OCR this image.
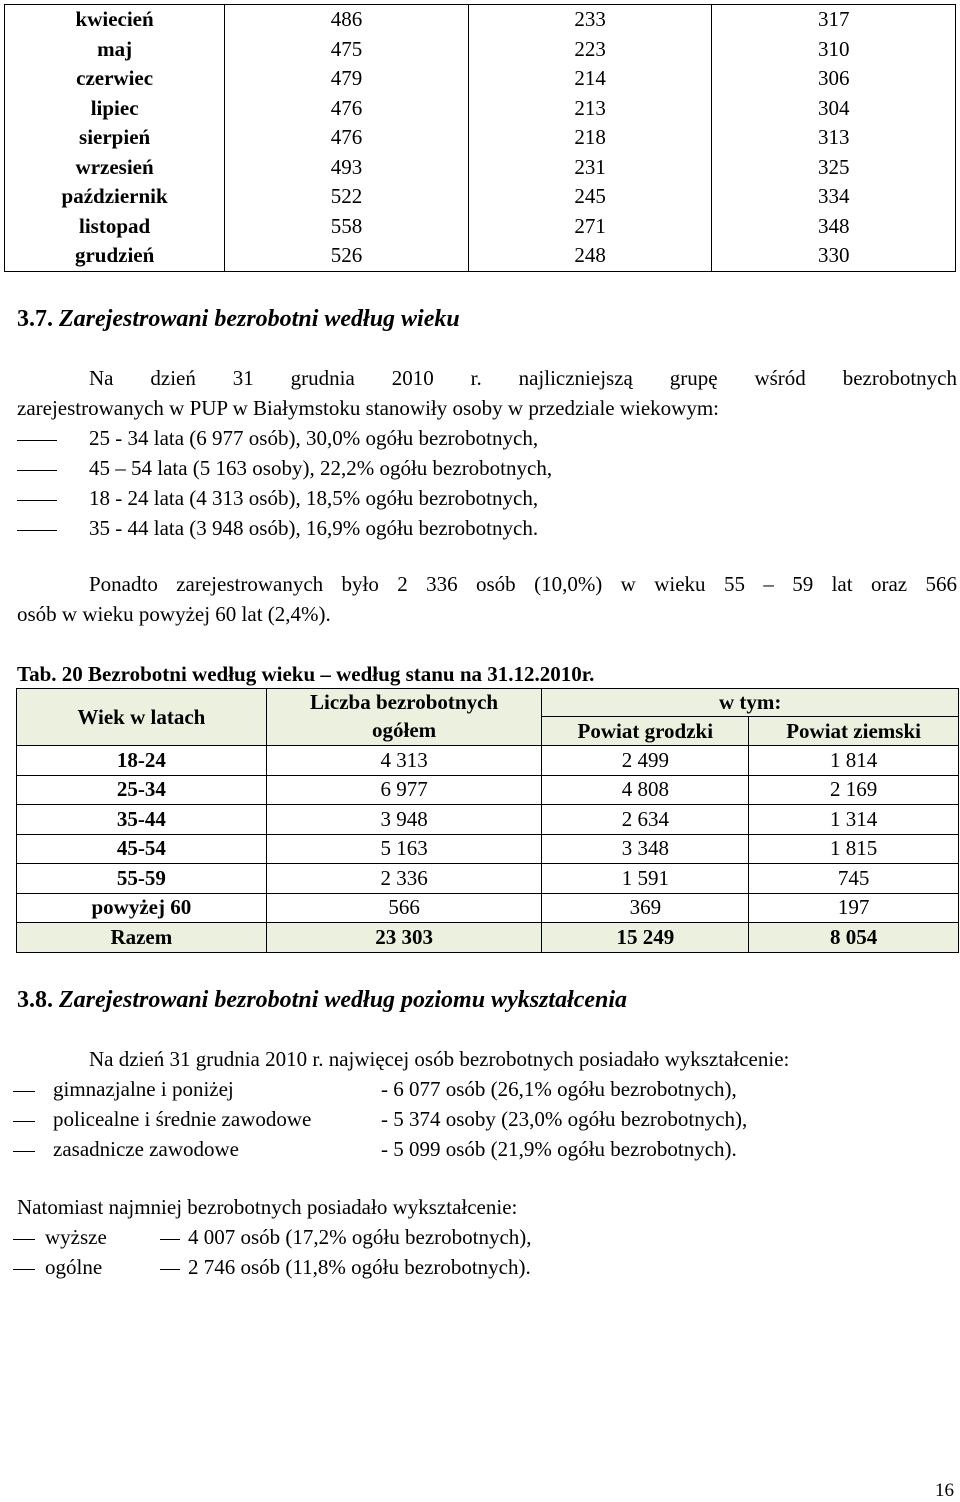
kwiecień	486	233	317
maj	475	223	310
czerwiec	479	214	306
lipiec	476	213	304
sierpień	476	218	313
wrzesień	493	231	325
październik	522	245	334
listopad	558	271	348
grudzień	526	248	330
3.7. Zarejestrowani bezrobotni według wieku
Na dzień 31 grudnia 2010 r. najliczniejszą grupę wśród bezrobotnych
zarejestrowanych w PUP w Białymstoku stanowiły osoby w przedziale wiekowym:
25 - 34 lata (6 977 osób), 30,0% ogółu bezrobotnych,
45 – 54 lata (5 163 osoby), 22,2% ogółu bezrobotnych,
18 - 24 lata (4 313 osób), 18,5% ogółu bezrobotnych,
35 - 44 lata (3 948 osób), 16,9% ogółu bezrobotnych.
Ponadto zarejestrowanych było 2 336 osób (10,0%) w wieku 55 – 59 lat oraz 566
osób w wieku powyżej 60 lat (2,4%).
Tab. 20 Bezrobotni według wieku – według stanu na 31.12.2010r.
Wiek w latach	Liczba bezrobotnych	w tym:	
	ogółem	Powiat grodzki	Powiat ziemski
18-24	4 313	2 499	1 814
25-34	6 977	4 808	2 169
35-44	3 948	2 634	1 314
45-54	5 163	3 348	1 815
55-59	2 336	1 591	745
powyżej 60	566	369	197
Razem	23 303	15 249	8 054
3.8. Zarejestrowani bezrobotni według poziomu wykształcenia
Na dzień 31 grudnia 2010 r. najwięcej osób bezrobotnych posiadało wykształcenie:
gimnazjalne i poniżej	- 6 077 osób (26,1% ogółu bezrobotnych),
policealne i średnie zawodowe	- 5 374 osoby (23,0% ogółu bezrobotnych),
zasadnicze zawodowe	- 5 099 osób (21,9% ogółu bezrobotnych).
Natomiast najmniej bezrobotnych posiadało wykształcenie:
wyższe	4 007 osób (17,2% ogółu bezrobotnych),
ogólne	2 746 osób (11,8% ogółu bezrobotnych).
16
